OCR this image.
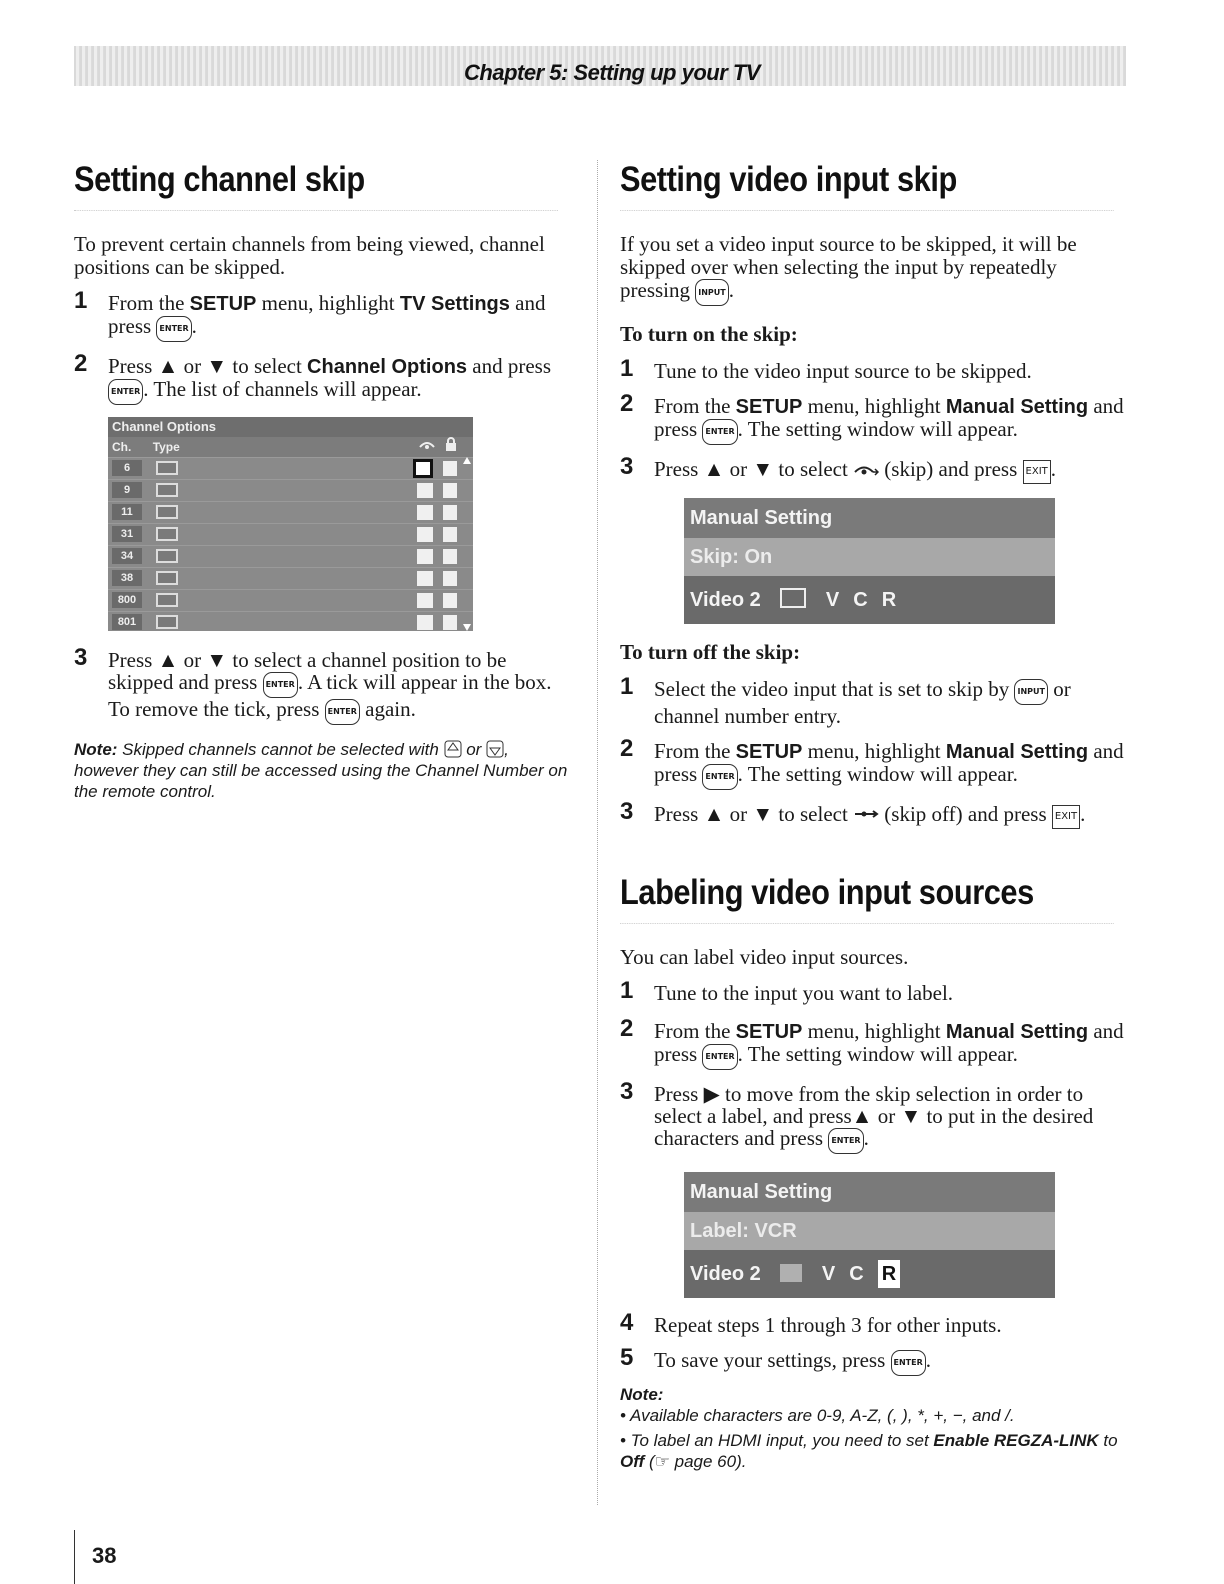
Chapter 5: Setting up your TV
Setting channel skip

To prevent certain channels from being viewed, channel positions can be skipped.

1 From the SETUP menu, highlight TV Settings and press ENTER .
2 Press ▲ or ▼ to select Channel Options and press ENTER . The list of channels will appear.
Channel Options
Ch. Type
6
9
11
31
34
38
800
801
3 Press ▲ or ▼ to select a channel position to be skipped and press ENTER . A tick will appear in the box.
To remove the tick, press ENTER again.
Note: Skipped channels cannot be selected with  or , however they can still be accessed using the Channel Number on the remote control.
Setting video input skip

If you set a video input source to be skipped, it will be skipped over when selecting the input by repeatedly pressing INPUT .

To turn on the skip:
1 Tune to the video input source to be skipped.
2 From the SETUP menu, highlight Manual Setting and press ENTER . The setting window will appear.
3 Press ▲ or ▼ to select  (skip) and press EXIT .
Manual Setting
Skip: On
Video 2	V C R
To turn off the skip:
1 Select the video input that is set to skip by INPUT or channel number entry.
2 From the SETUP menu, highlight Manual Setting and press ENTER . The setting window will appear.
3 Press ▲ or ▼ to select  (skip off) and press EXIT .
Labeling video input sources

You can label video input sources.

1 Tune to the input you want to label.
2 From the SETUP menu, highlight Manual Setting and press ENTER . The setting window will appear.
3 Press ▶ to move from the skip selection in order to select a label, and press▲ or ▼ to put in the desired characters and press ENTER .
Manual Setting
Label: VCR
Video 2	V C R
4 Repeat steps 1 through 3 for other inputs.
5 To save your settings, press ENTER .
Note:
• Available characters are 0-9, A-Z, (, ), *, +, −, and /.
• To label an HDMI input, you need to set Enable REGZA-LINK to Off (☞ page 60).
38
